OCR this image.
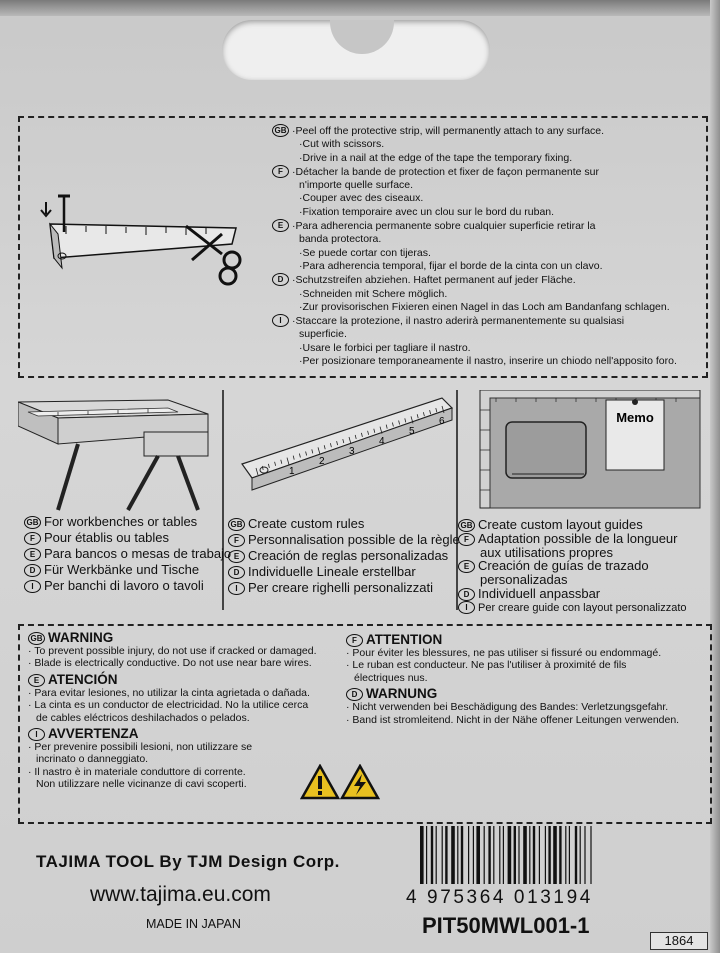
GB ·Peel off the protective strip, will permanently attach to any surface.
·Cut with scissors.
·Drive in a nail at the edge of the tape the temporary fixing.
F ·Détacher la bande de protection et fixer de façon permanente sur
n'importe quelle surface.
·Couper avec des ciseaux.
·Fixation temporaire avec un clou sur le bord du ruban.
E ·Para adherencia permanente sobre cualquier superficie retirar la
banda protectora.
·Se puede cortar con tijeras.
·Para adherencia temporal, fijar el borde de la cinta con un clavo.
D ·Schutzstreifen abziehen. Haftet permanent auf jeder Fläche.
·Schneiden mit Schere möglich.
·Zur provisorischen Fixieren einen Nagel in das Loch am Bandanfang schlagen.
I ·Staccare la protezione, il nastro aderirà permanentemente su qualsiasi
superficie.
·Usare le forbici per tagliare il nastro.
·Per posizionare temporaneamente il nastro, inserire un chiodo nell'apposito foro.
1
2
3
4
5
6	Memo
GB For workbenches or tables
F Pour établis ou tables
E Para bancos o mesas de trabajo
D Für Werkbänke und Tische
I Per banchi di lavoro o tavoli
GB Create custom rules
F Personnalisation possible de la règle
E Creación de reglas personalizadas
D Individuelle Lineale erstellbar
I Per creare righelli personalizzati
GB Create custom layout guides
F Adaptation possible de la longueur
aux utilisations propres
E Creación de guías de trazado
personalizadas
D Individuell anpassbar
I Per creare guide con layout personalizzato
GB WARNING
· To prevent possible injury, do not use if cracked or damaged.
· Blade is electrically conductive. Do not use near bare wires.
E ATENCIÓN
· Para evitar lesiones, no utilizar la cinta agrietada o dañada.
· La cinta es un conductor de electricidad. No la utilice cerca
de cables eléctricos deshilachados o pelados.
I AVVERTENZA
· Per prevenire possibili lesioni, non utilizzare se
incrinato o danneggiato.
· Il nastro è in materiale conduttore di corrente.
Non utilizzare nelle vicinanze di cavi scoperti.
F ATTENTION
· Pour éviter les blessures, ne pas utiliser si fissuré ou endommagé.
· Le ruban est conducteur. Ne pas l'utiliser à proximité de fils
électriques nus.
D WARNUNG
· Nicht verwenden bei Beschädigung des Bandes: Verletzungsgefahr.
· Band ist stromleitend. Nicht in der Nähe offener Leitungen verwenden.
TAJIMA TOOL By TJM Design Corp.
www.tajima.eu.com
MADE IN JAPAN
4 975364 013194
PIT50MWL001-1
1864
